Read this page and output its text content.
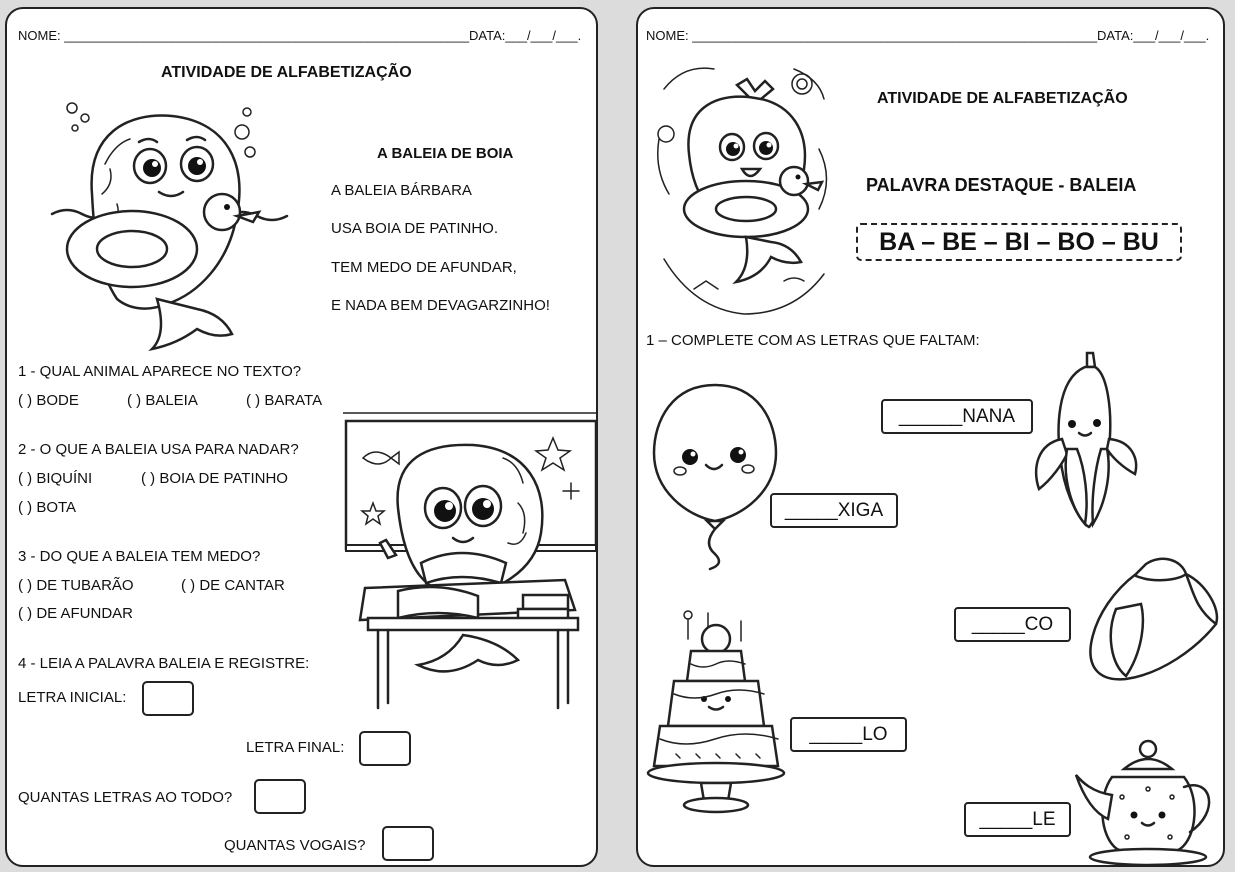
NOME: ________________________________________________________ DATA:___/___/___.
ATIVIDADE DE ALFABETIZAÇÃO
A BALEIA DE BOIA
A BALEIA BÁRBARA
USA BOIA DE PATINHO.
TEM MEDO DE AFUNDAR,
E NADA BEM DEVAGARZINHO!
1 - QUAL ANIMAL APARECE NO TEXTO?
( ) BODE	( ) BALEIA	( ) BARATA
2 - O QUE A BALEIA USA PARA NADAR?
( ) BIQUÍNI	( ) BOIA DE PATINHO
( ) BOTA
3 - DO QUE A BALEIA TEM MEDO?
( ) DE TUBARÃO	( ) DE CANTAR
( ) DE AFUNDAR
4 - LEIA A PALAVRA BALEIA E REGISTRE:
LETRA INICIAL:
LETRA FINAL:
QUANTAS LETRAS AO TODO?
QUANTAS VOGAIS?
NOME: ________________________________________________________ DATA:___/___/___.
ATIVIDADE DE ALFABETIZAÇÃO
PALAVRA DESTAQUE - BALEIA
BA – BE – BI – BO – BU
1 – COMPLETE COM AS LETRAS QUE FALTAM:
_____XIGA
______NANA
_____CO
_____LO
_____LE
